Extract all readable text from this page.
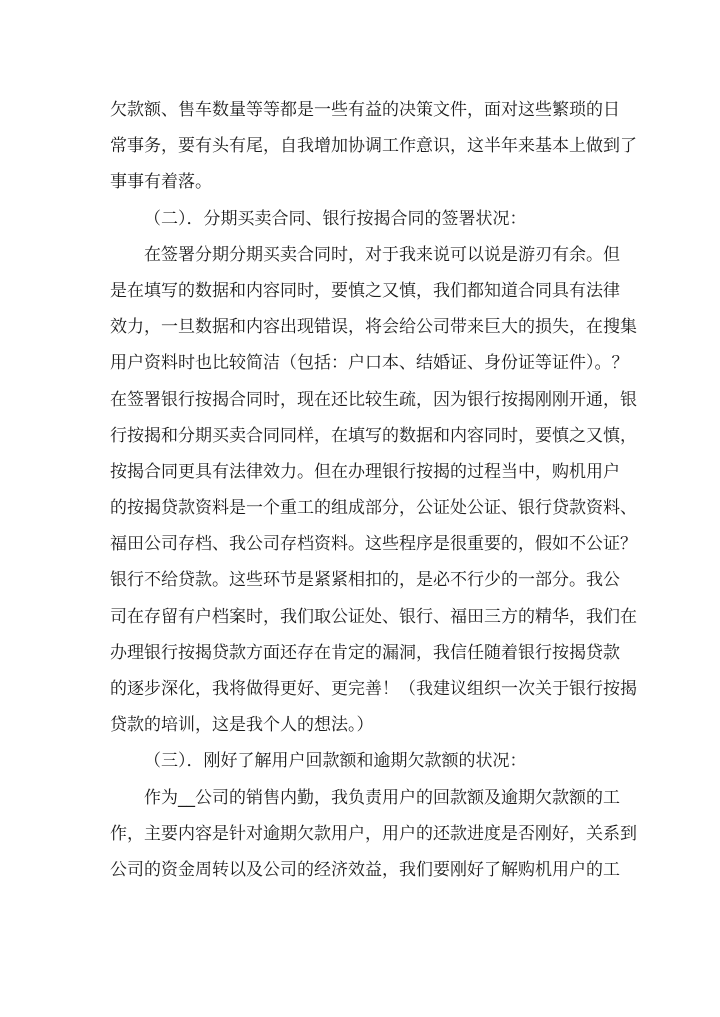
欠款额、售车数量等等都是一些有益的决策文件，面对这些繁琐的日
常事务，要有头有尾，自我增加协调工作意识，这半年来基本上做到了
事事有着落。
（二）．分期买卖合同、银行按揭合同的签署状况：
在签署分期分期买卖合同时，对于我来说可以说是游刃有余。但
是在填写的数据和内容同时，要慎之又慎，我们都知道合同具有法律
效力，一旦数据和内容出现错误，将会给公司带来巨大的损失，在搜集
用户资料时也比较简洁（包括：户口本、结婚证、身份证等证件）。？
在签署银行按揭合同时，现在还比较生疏，因为银行按揭刚刚开通，银
行按揭和分期买卖合同同样，在填写的数据和内容同时，要慎之又慎，
按揭合同更具有法律效力。但在办理银行按揭的过程当中，购机用户
的按揭贷款资料是一个重工的组成部分，公证处公证、银行贷款资料、
福田公司存档、我公司存档资料。这些程序是很重要的，假如不公证？
银行不给贷款。这些环节是紧紧相扣的，是必不行少的一部分。我公
司在存留有户档案时，我们取公证处、银行、福田三方的精华，我们在
办理银行按揭贷款方面还存在肯定的漏洞，我信任随着银行按揭贷款
的逐步深化，我将做得更好、更完善！（我建议组织一次关于银行按揭
贷款的培训，这是我个人的想法。）
（三）．刚好了解用户回款额和逾期欠款额的状况：
作为__公司的销售内勤，我负责用户的回款额及逾期欠款额的工
作，主要内容是针对逾期欠款用户，用户的还款进度是否刚好，关系到
公司的资金周转以及公司的经济效益，我们要刚好了解购机用户的工
